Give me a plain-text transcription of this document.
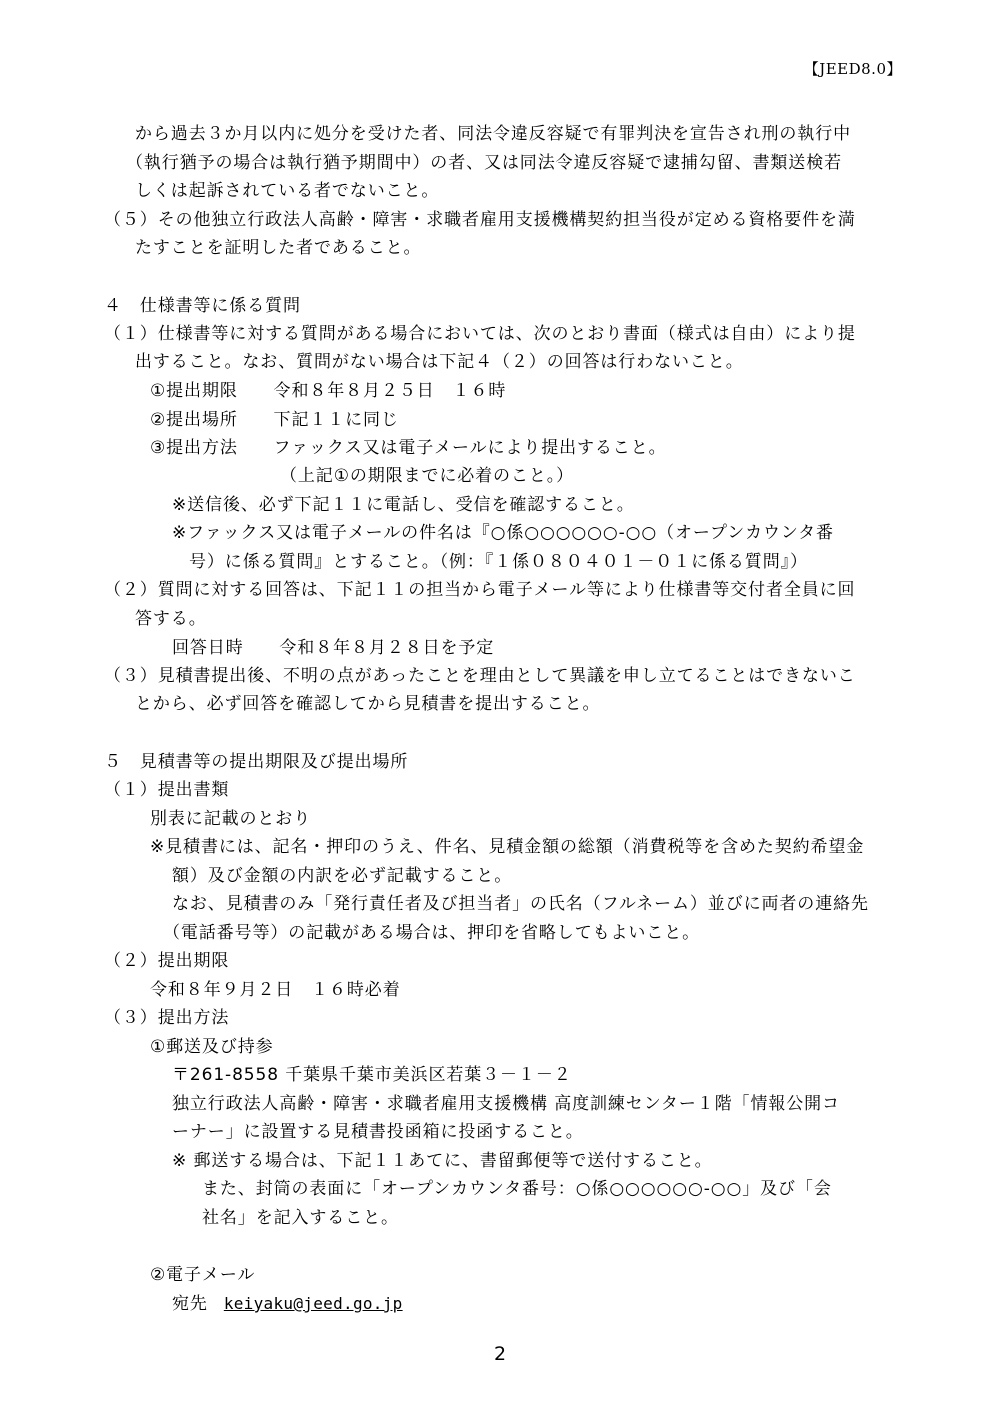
【JEED8.0】
から過去３か月以内に処分を受けた者、同法令違反容疑で有罪判決を宣告され刑の執行中
（執行猶予の場合は執行猶予期間中）の者、又は同法令違反容疑で逮捕勾留、書類送検若
しくは起訴されている者でないこと。
（５）その他独立行政法人高齢・障害・求職者雇用支援機構契約担当役が定める資格要件を満
たすことを証明した者であること。
４　仕様書等に係る質問
（１）仕様書等に対する質問がある場合においては、次のとおり書面（様式は自由）により提
出すること。なお、質問がない場合は下記４（２）の回答は行わないこと。
①提出期限　　令和８年８月２５日　１６時
②提出場所　　下記１１に同じ
③提出方法　　ファックス又は電子メールにより提出すること。
（上記①の期限までに必着のこと。）
※送信後、必ず下記１１に電話し、受信を確認すること。
※ファックス又は電子メールの件名は『○係○○○○○○-○○（オープンカウンタ番
号）に係る質問』とすること。（例：『１係０８０４０１－０１に係る質問』）
（２）質問に対する回答は、下記１１の担当から電子メール等により仕様書等交付者全員に回
答する。
回答日時　　令和８年８月２８日を予定
（３）見積書提出後、不明の点があったことを理由として異議を申し立てることはできないこ
とから、必ず回答を確認してから見積書を提出すること。
５　見積書等の提出期限及び提出場所
（１）提出書類
別表に記載のとおり
※見積書には、記名・押印のうえ、件名、見積金額の総額（消費税等を含めた契約希望金
額）及び金額の内訳を必ず記載すること。
なお、見積書のみ「発行責任者及び担当者」の氏名（フルネーム）並びに両者の連絡先
（電話番号等）の記載がある場合は、押印を省略してもよいこと。
（２）提出期限
令和８年９月２日　１６時必着
（３）提出方法
①郵送及び持参
〒261-8558 千葉県千葉市美浜区若葉３－１－２
独立行政法人高齢・障害・求職者雇用支援機構 高度訓練センター１階「情報公開コ
ーナー」に設置する見積書投函箱に投函すること。
※ 郵送する場合は、下記１１あてに、書留郵便等で送付すること。
また、封筒の表面に「オープンカウンタ番号：○係○○○○○○-○○」及び「会
社名」を記入すること。
②電子メール
宛先 keiyaku@jeed.go.jp
2
